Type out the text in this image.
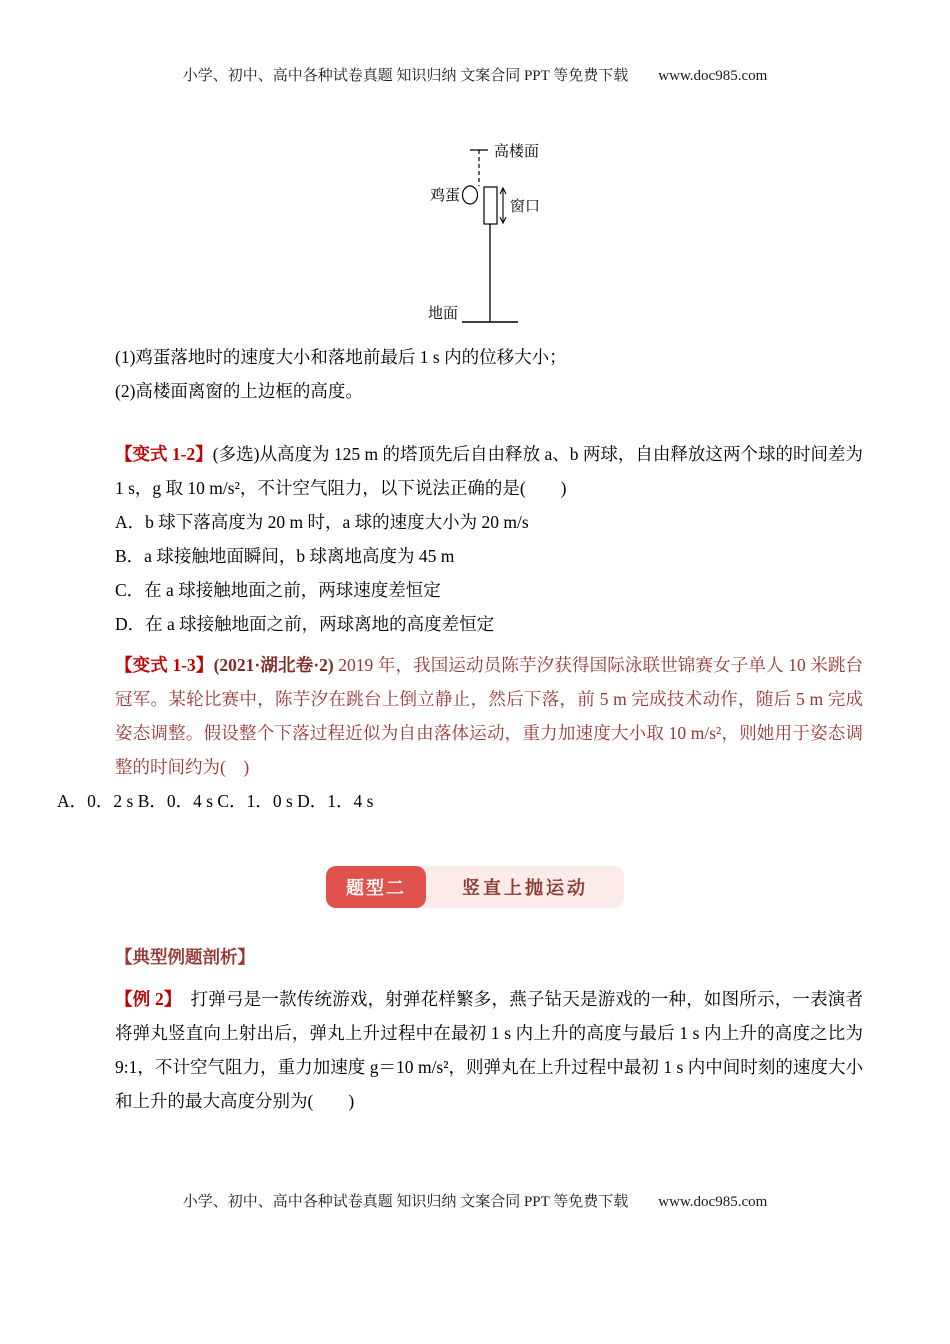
小学、初中、高中各种试卷真题 知识归纳 文案合同 PPT 等免费下载 www.doc985.com
高楼面
鸡蛋
窗口
地面
(1)鸡蛋落地时的速度大小和落地前最后 1 s 内的位移大小；
(2)高楼面离窗的上边框的高度。
【变式 1-2】(多选)从高度为 125 m 的塔顶先后自由释放 a、b 两球，自由释放这两个球的时间差为 1 s，g 取 10 m/s²，不计空气阻力，以下说法正确的是(　　)
A．b 球下落高度为 20 m 时，a 球的速度大小为 20 m/s
B．a 球接触地面瞬间，b 球离地高度为 45 m
C．在 a 球接触地面之前，两球速度差恒定
D．在 a 球接触地面之前，两球离地的高度差恒定
【变式 1-3】(2021·湖北卷·2) 2019 年，我国运动员陈芋汐获得国际泳联世锦赛女子单人 10 米跳台冠军。某轮比赛中，陈芋汐在跳台上倒立静止，然后下落，前 5 m 完成技术动作，随后 5 m 完成姿态调整。假设整个下落过程近似为自由落体运动，重力加速度大小取 10 m/s²，则她用于姿态调整的时间约为(　)
A．0．2 s B．0．4 s C．1．0 s D．1．4 s
题型二	竖直上抛运动
【典型例题剖析】
【例 2】　打弹弓是一款传统游戏，射弹花样繁多，燕子钻天是游戏的一种，如图所示，一表演者将弹丸竖直向上射出后，弹丸上升过程中在最初 1 s 内上升的高度与最后 1 s 内上升的高度之比为 9:1，不计空气阻力，重力加速度 g＝10 m/s²，则弹丸在上升过程中最初 1 s 内中间时刻的速度大小和上升的最大高度分别为(　　)
小学、初中、高中各种试卷真题 知识归纳 文案合同 PPT 等免费下载 www.doc985.com
